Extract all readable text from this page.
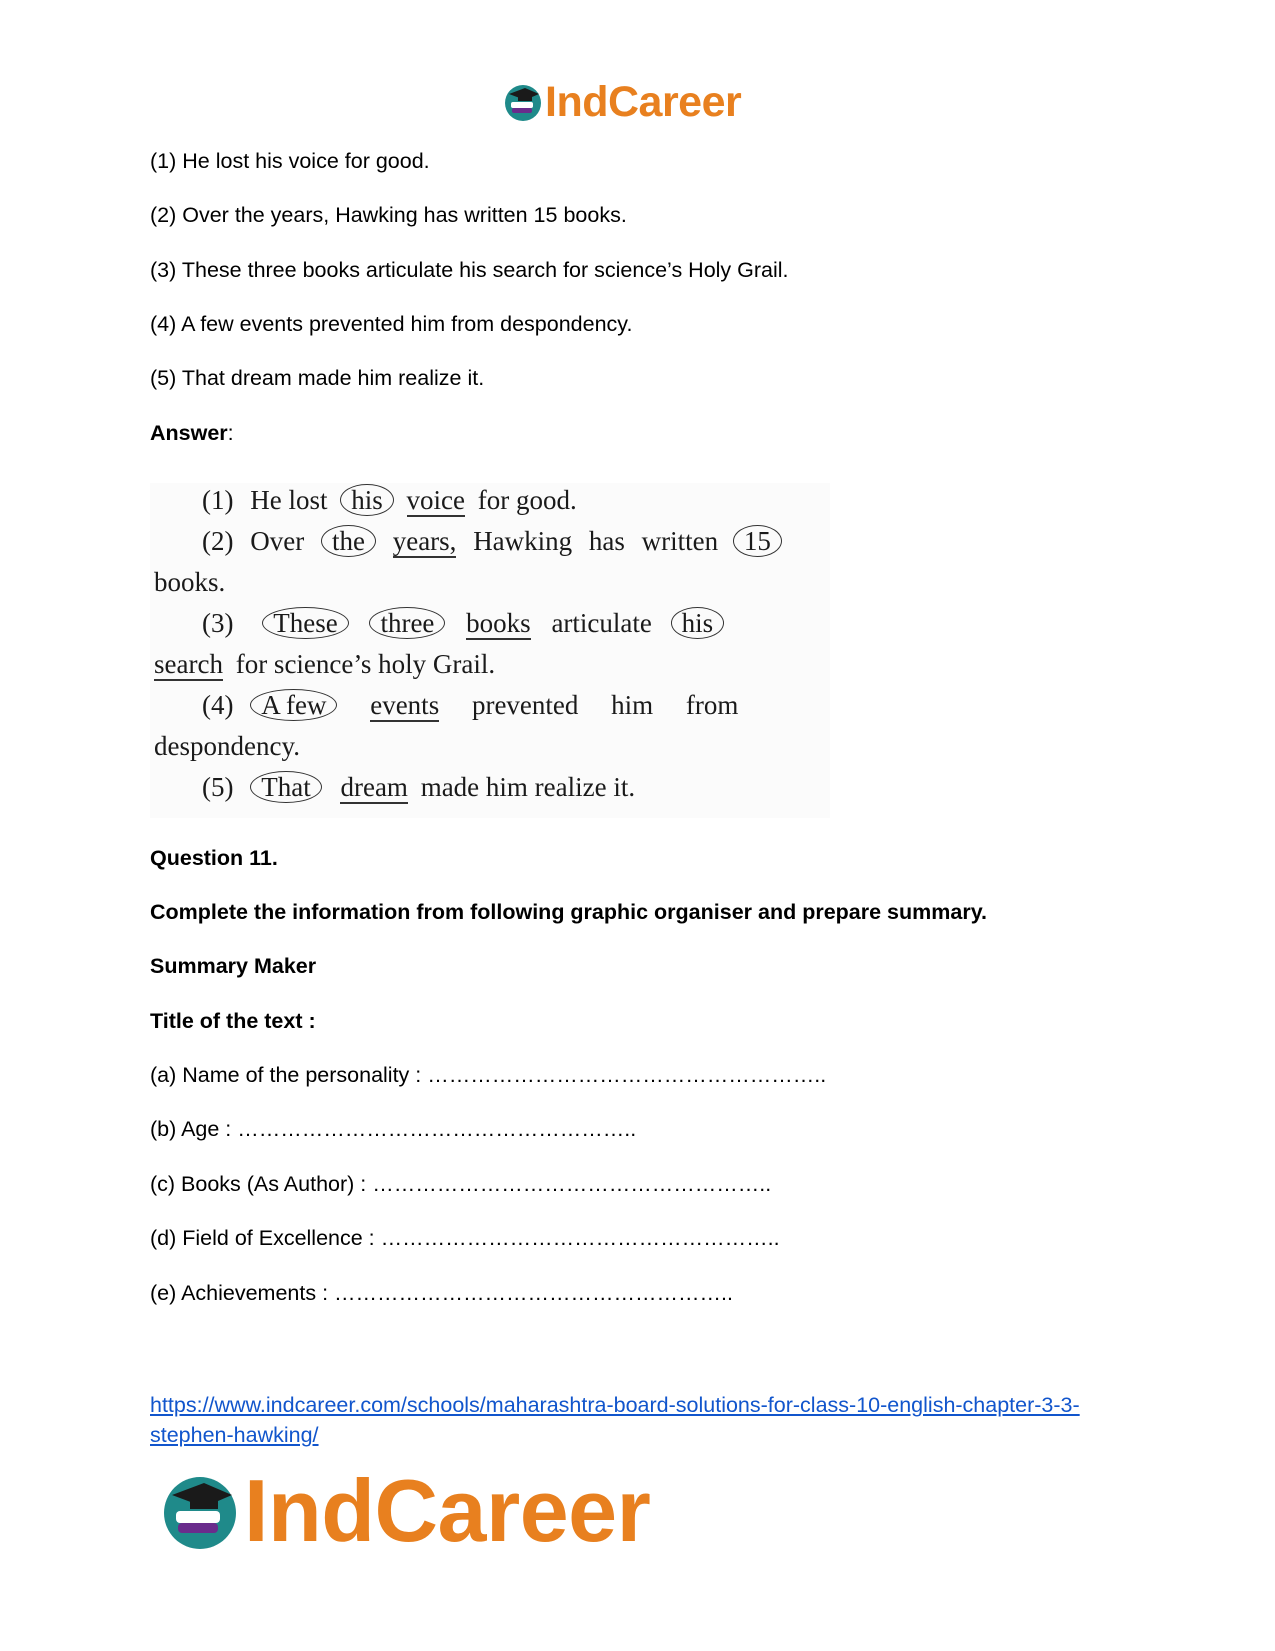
IndCareer
(1) He lost his voice for good.
(2) Over the years, Hawking has written 15 books.
(3) These three books articulate his search for science’s Holy Grail.
(4) A few events prevented him from despondency.
(5) That dream made him realize it.
Answer:
(1) He lost his voice for good.
(2) Over the years, Hawking has written 15
books.
(3) These three books articulate his
search for science’s holy Grail.
(4) A few events prevented him from
despondency.
(5) That dream made him realize it.
Question 11.
Complete the information from following graphic organiser and prepare summary.
Summary Maker
Title of the text :
(a) Name of the personality : ………………………………………………..
(b) Age : ………………………………………………..
(c) Books (As Author) : ………………………………………………..
(d) Field of Excellence : ………………………………………………..
(e) Achievements : ………………………………………………..
https://www.indcareer.com/schools/maharashtra-board-solutions-for-class-10-english-chapter-3-3-stephen-hawking/
IndCareer
